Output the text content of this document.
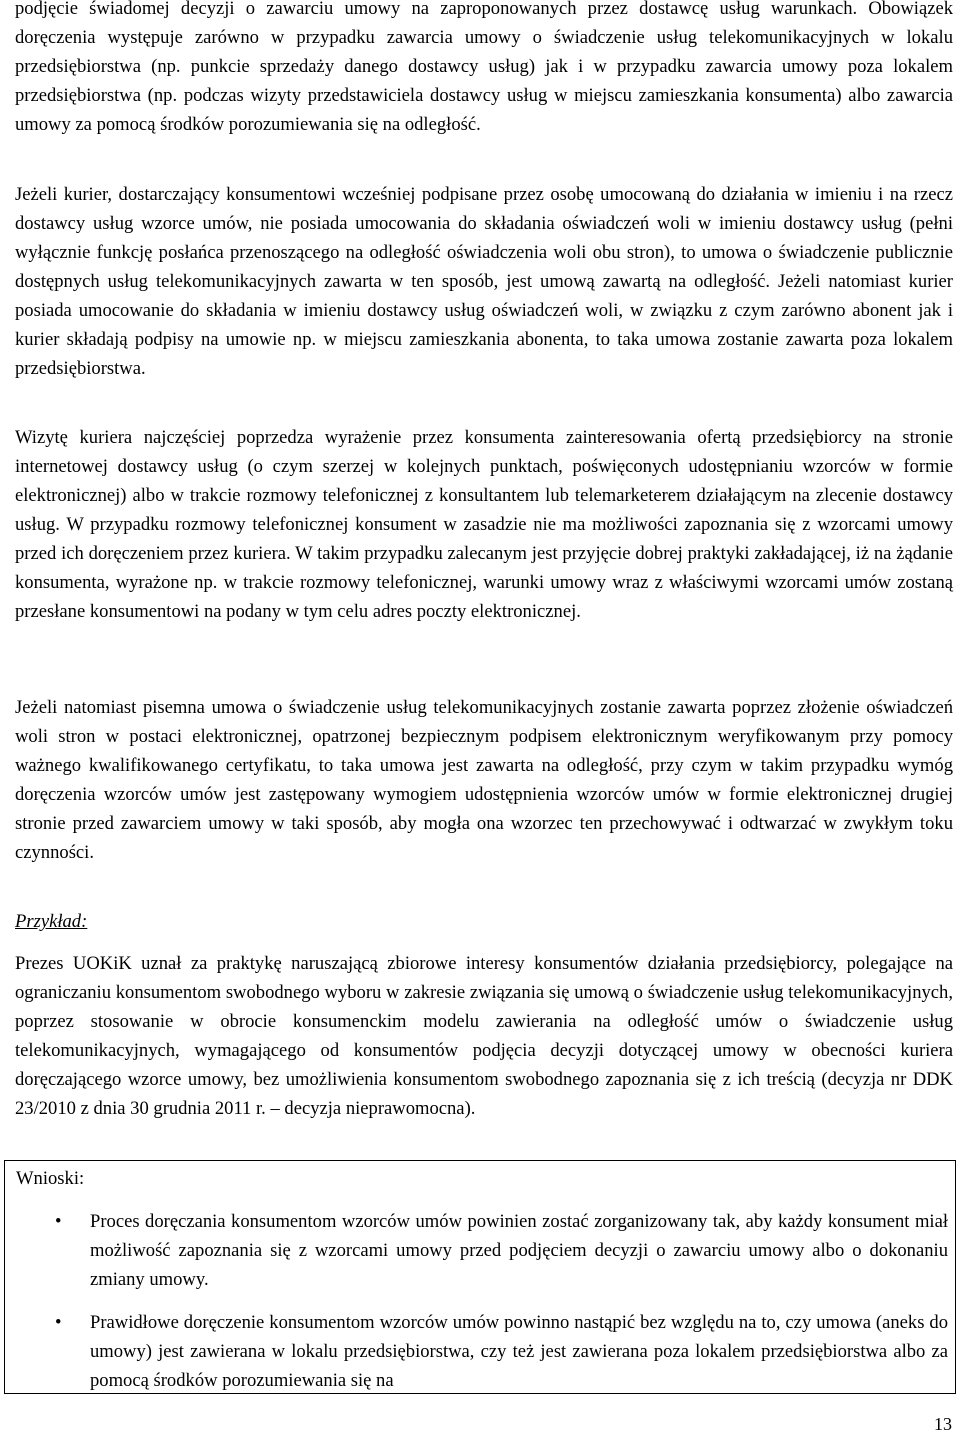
podjęcie świadomej decyzji o zawarciu umowy na zaproponowanych przez dostawcę usług warunkach. Obowiązek doręczenia występuje zarówno w przypadku zawarcia umowy o świadczenie usług telekomunikacyjnych w lokalu przedsiębiorstwa (np. punkcie sprzedaży danego dostawcy usług) jak i w przypadku zawarcia umowy poza lokalem przedsiębiorstwa (np. podczas wizyty przedstawiciela dostawcy usług w miejscu zamieszkania konsumenta) albo zawarcia umowy za pomocą środków porozumiewania się na odległość.

Jeżeli kurier, dostarczający konsumentowi wcześniej podpisane przez osobę umocowaną do działania w imieniu i na rzecz dostawcy usług wzorce umów, nie posiada umocowania do składania oświadczeń woli w imieniu dostawcy usług (pełni wyłącznie funkcję posłańca przenoszącego na odległość oświadczenia woli obu stron), to umowa o świadczenie publicznie dostępnych usług telekomunikacyjnych zawarta w ten sposób, jest umową zawartą na odległość. Jeżeli natomiast kurier posiada umocowanie do składania w imieniu dostawcy usług oświadczeń woli, w związku z czym zarówno abonent jak i kurier składają podpisy na umowie np. w miejscu zamieszkania abonenta, to taka umowa zostanie zawarta poza lokalem przedsiębiorstwa.

Wizytę kuriera najczęściej poprzedza wyrażenie przez konsumenta zainteresowania ofertą przedsiębiorcy na stronie internetowej dostawcy usług (o czym szerzej w kolejnych punktach, poświęconych udostępnianiu wzorców w formie elektronicznej) albo w trakcie rozmowy telefonicznej z konsultantem lub telemarketerem działającym na zlecenie dostawcy usług. W przypadku rozmowy telefonicznej konsument w zasadzie nie ma możliwości zapoznania się z wzorcami umowy przed ich doręczeniem przez kuriera. W takim przypadku zalecanym jest przyjęcie dobrej praktyki zakładającej, iż na żądanie konsumenta, wyrażone np. w trakcie rozmowy telefonicznej, warunki umowy wraz z właściwymi wzorcami umów zostaną przesłane konsumentowi na podany w tym celu adres poczty elektronicznej.

Jeżeli natomiast pisemna umowa o świadczenie usług telekomunikacyjnych zostanie zawarta poprzez złożenie oświadczeń woli stron w postaci elektronicznej, opatrzonej bezpiecznym podpisem elektronicznym weryfikowanym przy pomocy ważnego kwalifikowanego certyfikatu, to taka umowa jest zawarta na odległość, przy czym w takim przypadku wymóg doręczenia wzorców umów jest zastępowany wymogiem udostępnienia wzorców umów w formie elektronicznej drugiej stronie przed zawarciem umowy w taki sposób, aby mogła ona wzorzec ten przechowywać i odtwarzać w zwykłym toku czynności.

Przykład:

Prezes UOKiK uznał za praktykę naruszającą zbiorowe interesy konsumentów działania przedsiębiorcy, polegające na ograniczaniu konsumentom swobodnego wyboru w zakresie związania się umową o świadczenie usług telekomunikacyjnych, poprzez stosowanie w obrocie konsumenckim modelu zawierania na odległość umów o świadczenie usług telekomunikacyjnych, wymagającego od konsumentów podjęcia decyzji dotyczącej umowy w obecności kuriera doręczającego wzorce umowy, bez umożliwienia konsumentom swobodnego zapoznania się z ich treścią (decyzja nr DDK 23/2010 z dnia 30 grudnia 2011 r. – decyzja nieprawomocna).

Wnioski:

• Proces doręczania konsumentom wzorców umów powinien zostać zorganizowany tak, aby każdy konsument miał możliwość zapoznania się z wzorcami umowy przed podjęciem decyzji o zawarciu umowy albo o dokonaniu zmiany umowy.
• Prawidłowe doręczenie konsumentom wzorców umów powinno nastąpić bez względu na to, czy umowa (aneks do umowy) jest zawierana w lokalu przedsiębiorstwa, czy też jest zawierana poza lokalem przedsiębiorstwa albo za pomocą środków porozumiewania się na
13
